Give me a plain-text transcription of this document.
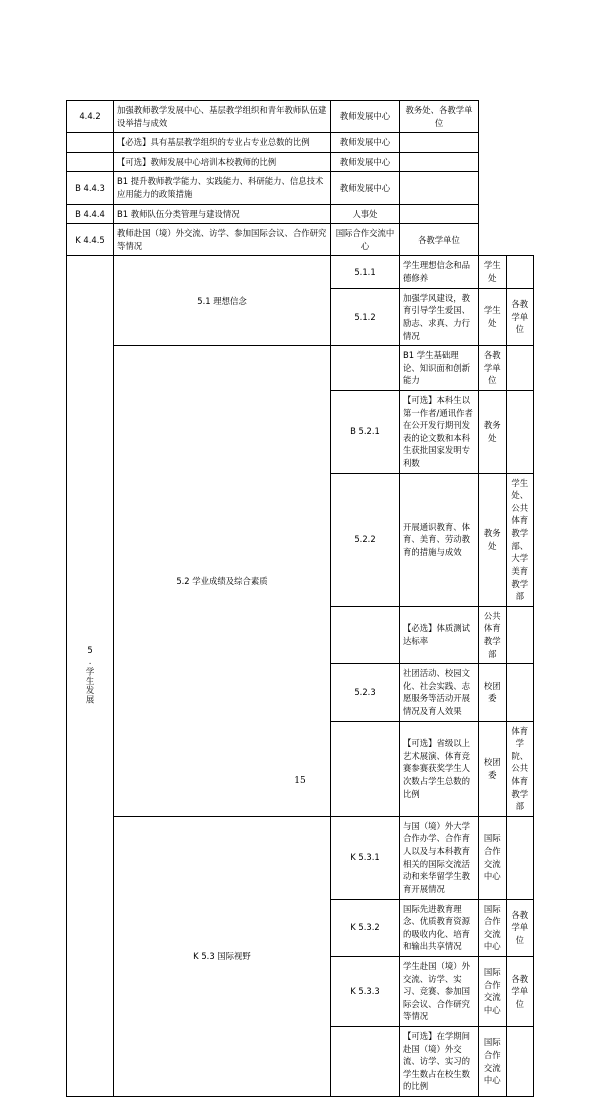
4.4.2	加强教师教学发展中心、基层教学组织和青年教师队伍建设举措与成效	教师发展中心	教务处、各教学单位		
	【必选】具有基层教学组织的专业占专业总数的比例	教师发展中心			
	【可选】教师发展中心培训本校教师的比例	教师发展中心			
B 4.4.3	B1 提升教师教学能力、实践能力、科研能力、信息技术应用能力的政策措施	教师发展中心			
B 4.4.4	B1 教师队伍分类管理与建设情况	人事处			
K 4.4.5	教师赴国（境）外交流、访学、参加国际会议、合作研究等情况	国际合作交流中心	各教学单位		
5.学生发展	5.1 理想信念	5.1.1	学生理想信念和品德修养	学生处	
		5.1.2	加强学风建设，教育引导学生爱国、励志、求真、力行情况	学生处	各教学单位
	5.2 学业成绩及综合素质		B1 学生基础理论、知识面和创新能力	各教学单位	
		B 5.2.1	【可选】本科生以第一作者/通讯作者在公开发行期刊发表的论文数和本科生获批国家发明专利数	教务处	
		5.2.2	开展通识教育、体育、美育、劳动教育的措施与成效	教务处	学生处、公共体育教学部、大学美育教学部
			【必选】体质测试达标率	公共体育教学部	
		5.2.3	社团活动、校园文化、社会实践、志愿服务等活动开展情况及育人效果	校团委	
			【可选】省级以上艺术展演、体育竞赛参赛获奖学生人次数占学生总数的比例	校团委	体育学院、公共体育教学部
	K 5.3 国际视野	K 5.3.1	与国（境）外大学合作办学、合作育人以及与本科教育相关的国际交流活动和来华留学生教育开展情况	国际合作交流中心	
		K 5.3.2	国际先进教育理念、优质教育资源的吸收内化、培育和输出共享情况	国际合作交流中心	各教学单位
		K 5.3.3	学生赴国（境）外交流、访学、实习、竞赛、参加国际会议、合作研究等情况	国际合作交流中心	各教学单位
			【可选】在学期间赴国（境）外交流、访学、实习的学生数占在校生数的比例	国际合作交流中心	
15
